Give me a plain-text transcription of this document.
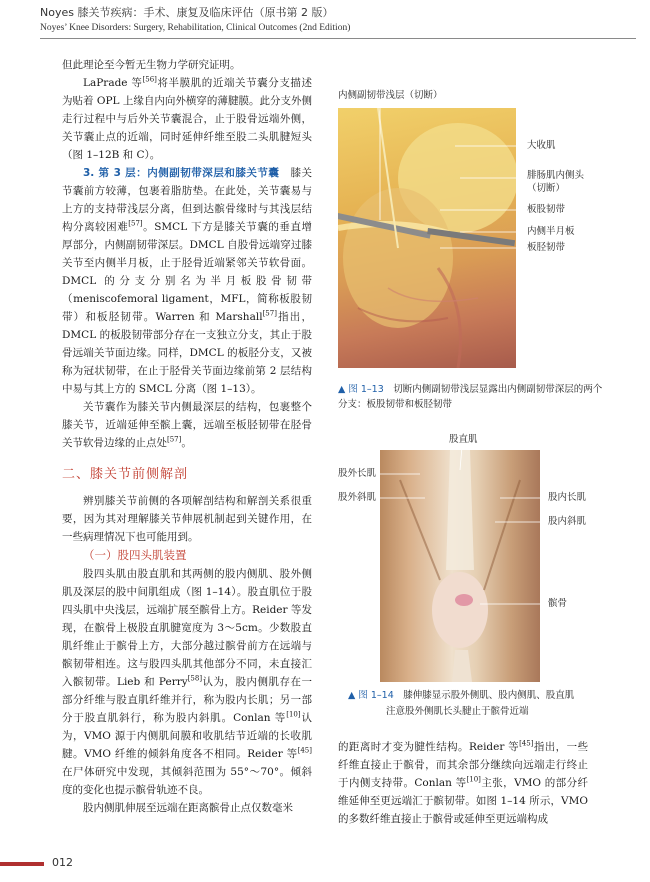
Noyes 膝关节疾病：手术、康复及临床评估（原书第 2 版）
Noyes’ Knee Disorders: Surgery, Rehabilitation, Clinical Outcomes (2nd Edition)

但此理论至今暂无生物力学研究证明。

LaPrade 等[56]将半膜肌的近端关节囊分支描述为贴着 OPL 上缘自内向外横穿的薄腱膜。此分支外侧走行过程中与后外关节囊混合，止于股骨远端外侧，关节囊止点的近端，同时延伸纤维至股二头肌腱短头（图 1–12B 和 C）。

3. 第 3 层：内侧副韧带深层和膝关节囊　 膝关节囊前方较薄，包裹着脂肪垫。在此处，关节囊易与上方的支持带浅层分离，但到达髌骨缘时与其浅层结构分离较困难[57]。SMCL 下方是膝关节囊的垂直增厚部分，内侧副韧带深层。DMCL 自股骨远端穿过膝关节至内侧半月板，止于胫骨近端紧邻关节软骨面。DMCL 的分支分别名为半月板股骨韧带（meniscofemoral ligament，MFL，简称板股韧带）和板胫韧带。Warren 和 Marshall[57]指出，DMCL 的板股韧带部分存在一支独立分支，其止于股骨远端关节面边缘。同样，DMCL 的板胫分支，又被称为冠状韧带，在止于胫骨关节面边缘前第 2 层结构中易与其上方的 SMCL 分离（图 1–13）。

关节囊作为膝关节内侧最深层的结构，包裹整个膝关节，近端延伸至髌上囊，远端至板胫韧带在胫骨关节软骨边缘的止点处[57]。

二、膝关节前侧解剖

辨别膝关节前侧的各项解剖结构和解剖关系很重要，因为其对理解膝关节伸展机制起到关键作用，在一些病理情况下也可能用到。

（一）股四头肌装置

股四头肌由股直肌和其两侧的股内侧肌、股外侧肌及深层的股中间肌组成（图 1–14）。股直肌位于股四头肌中央浅层，远端扩展至髌骨上方。Reider 等发现，在髌骨上极股直肌腱宽度为 3～5cm。少数股直肌纤维止于髌骨上方，大部分越过髌骨前方在远端与髌韧带相连。这与股四头肌其他部分不同，未直接汇入髌韧带。Lieb 和 Perry[58]认为，股内侧肌存在一部分纤维与股直肌纤维并行，称为股内长肌；另一部分于股直肌斜行，称为股内斜肌。Conlan 等[10]认为，VMO 源于内侧肌间膜和收肌结节近端的长收肌腱。VMO 纤维的倾斜角度各不相同。Reider 等[45]在尸体研究中发现，其倾斜范围为 55°～70°。倾斜度的变化也提示髌骨轨迹不良。

股内侧肌伸展至远端在距离髌骨止点仅数毫米

内侧副韧带浅层（切断）
大收肌
腓肠肌内侧头
（切断）
板股韧带
内侧半月板
板胫韧带
▲ 图 1–13　 切断内侧副韧带浅层显露出内侧副韧带深层的两个分支：板股韧带和板胫韧带
股直肌
股外长肌
股外斜肌	股内长肌
股内斜肌
髌骨
▲ 图 1–14　 膝伸膝显示股外侧肌、股内侧肌、股直肌
注意股外侧肌长头腱止于髌骨近端

的距离时才变为腱性结构。Reider 等[45]指出，一些纤维直接止于髌骨，而其余部分继续向远端走行终止于内侧支持带。Conlan 等[10]主张，VMO 的部分纤维延伸至更远端汇于髌韧带。如图 1–14 所示，VMO 的多数纤维直接止于髌骨或延伸至更远端构成

012
